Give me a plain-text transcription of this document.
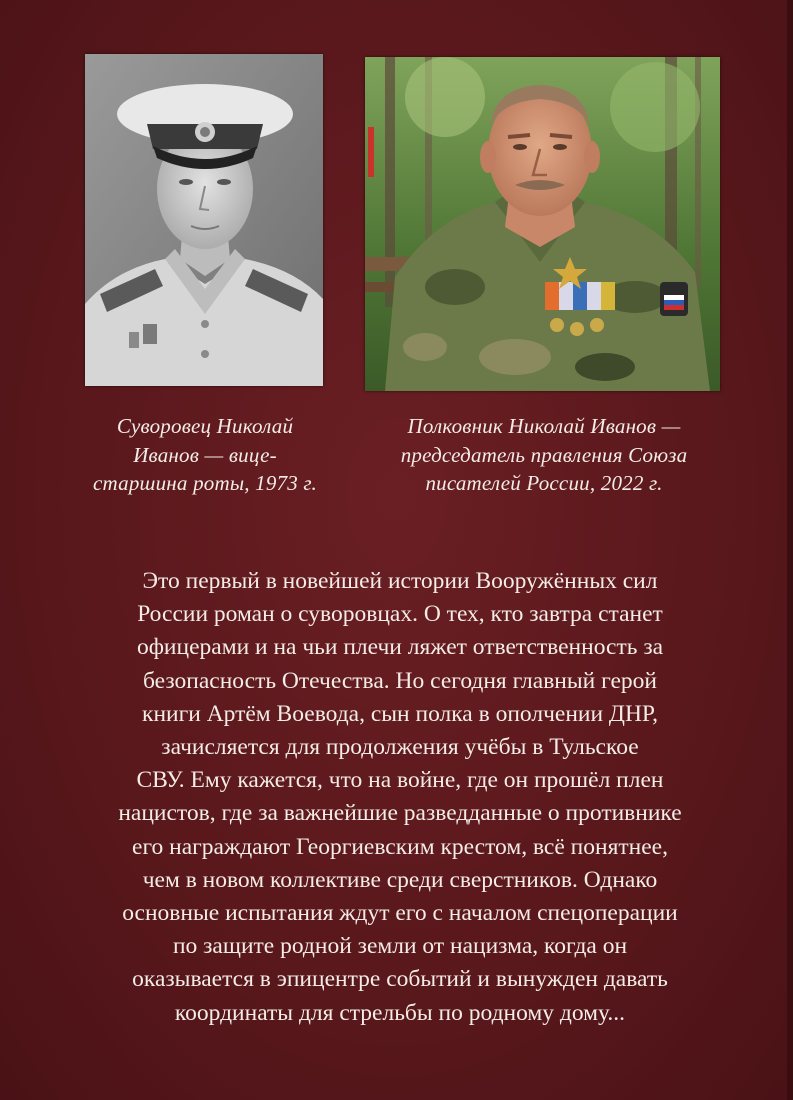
Суворовец Николай
Иванов — вице-
старшина роты, 1973 г.
Полковник Николай Иванов —
председатель правления Союза
писателей России, 2022 г.
Это первый в новейшей истории Вооружённых сил
России роман о суворовцах. О тех, кто завтра станет
офицерами и на чьи плечи ляжет ответственность за
безопасность Отечества. Но сегодня главный герой
книги Артём Воевода, сын полка в ополчении ДНР,
зачисляется для продолжения учёбы в Тульское
СВУ. Ему кажется, что на войне, где он прошёл плен
нацистов, где за важнейшие разведданные о противнике
его награждают Георгиевским крестом, всё понятнее,
чем в новом коллективе среди сверстников. Однако
основные испытания ждут его с началом спецоперации
по защите родной земли от нацизма, когда он
оказывается в эпицентре событий и вынужден давать
координаты для стрельбы по родному дому...
